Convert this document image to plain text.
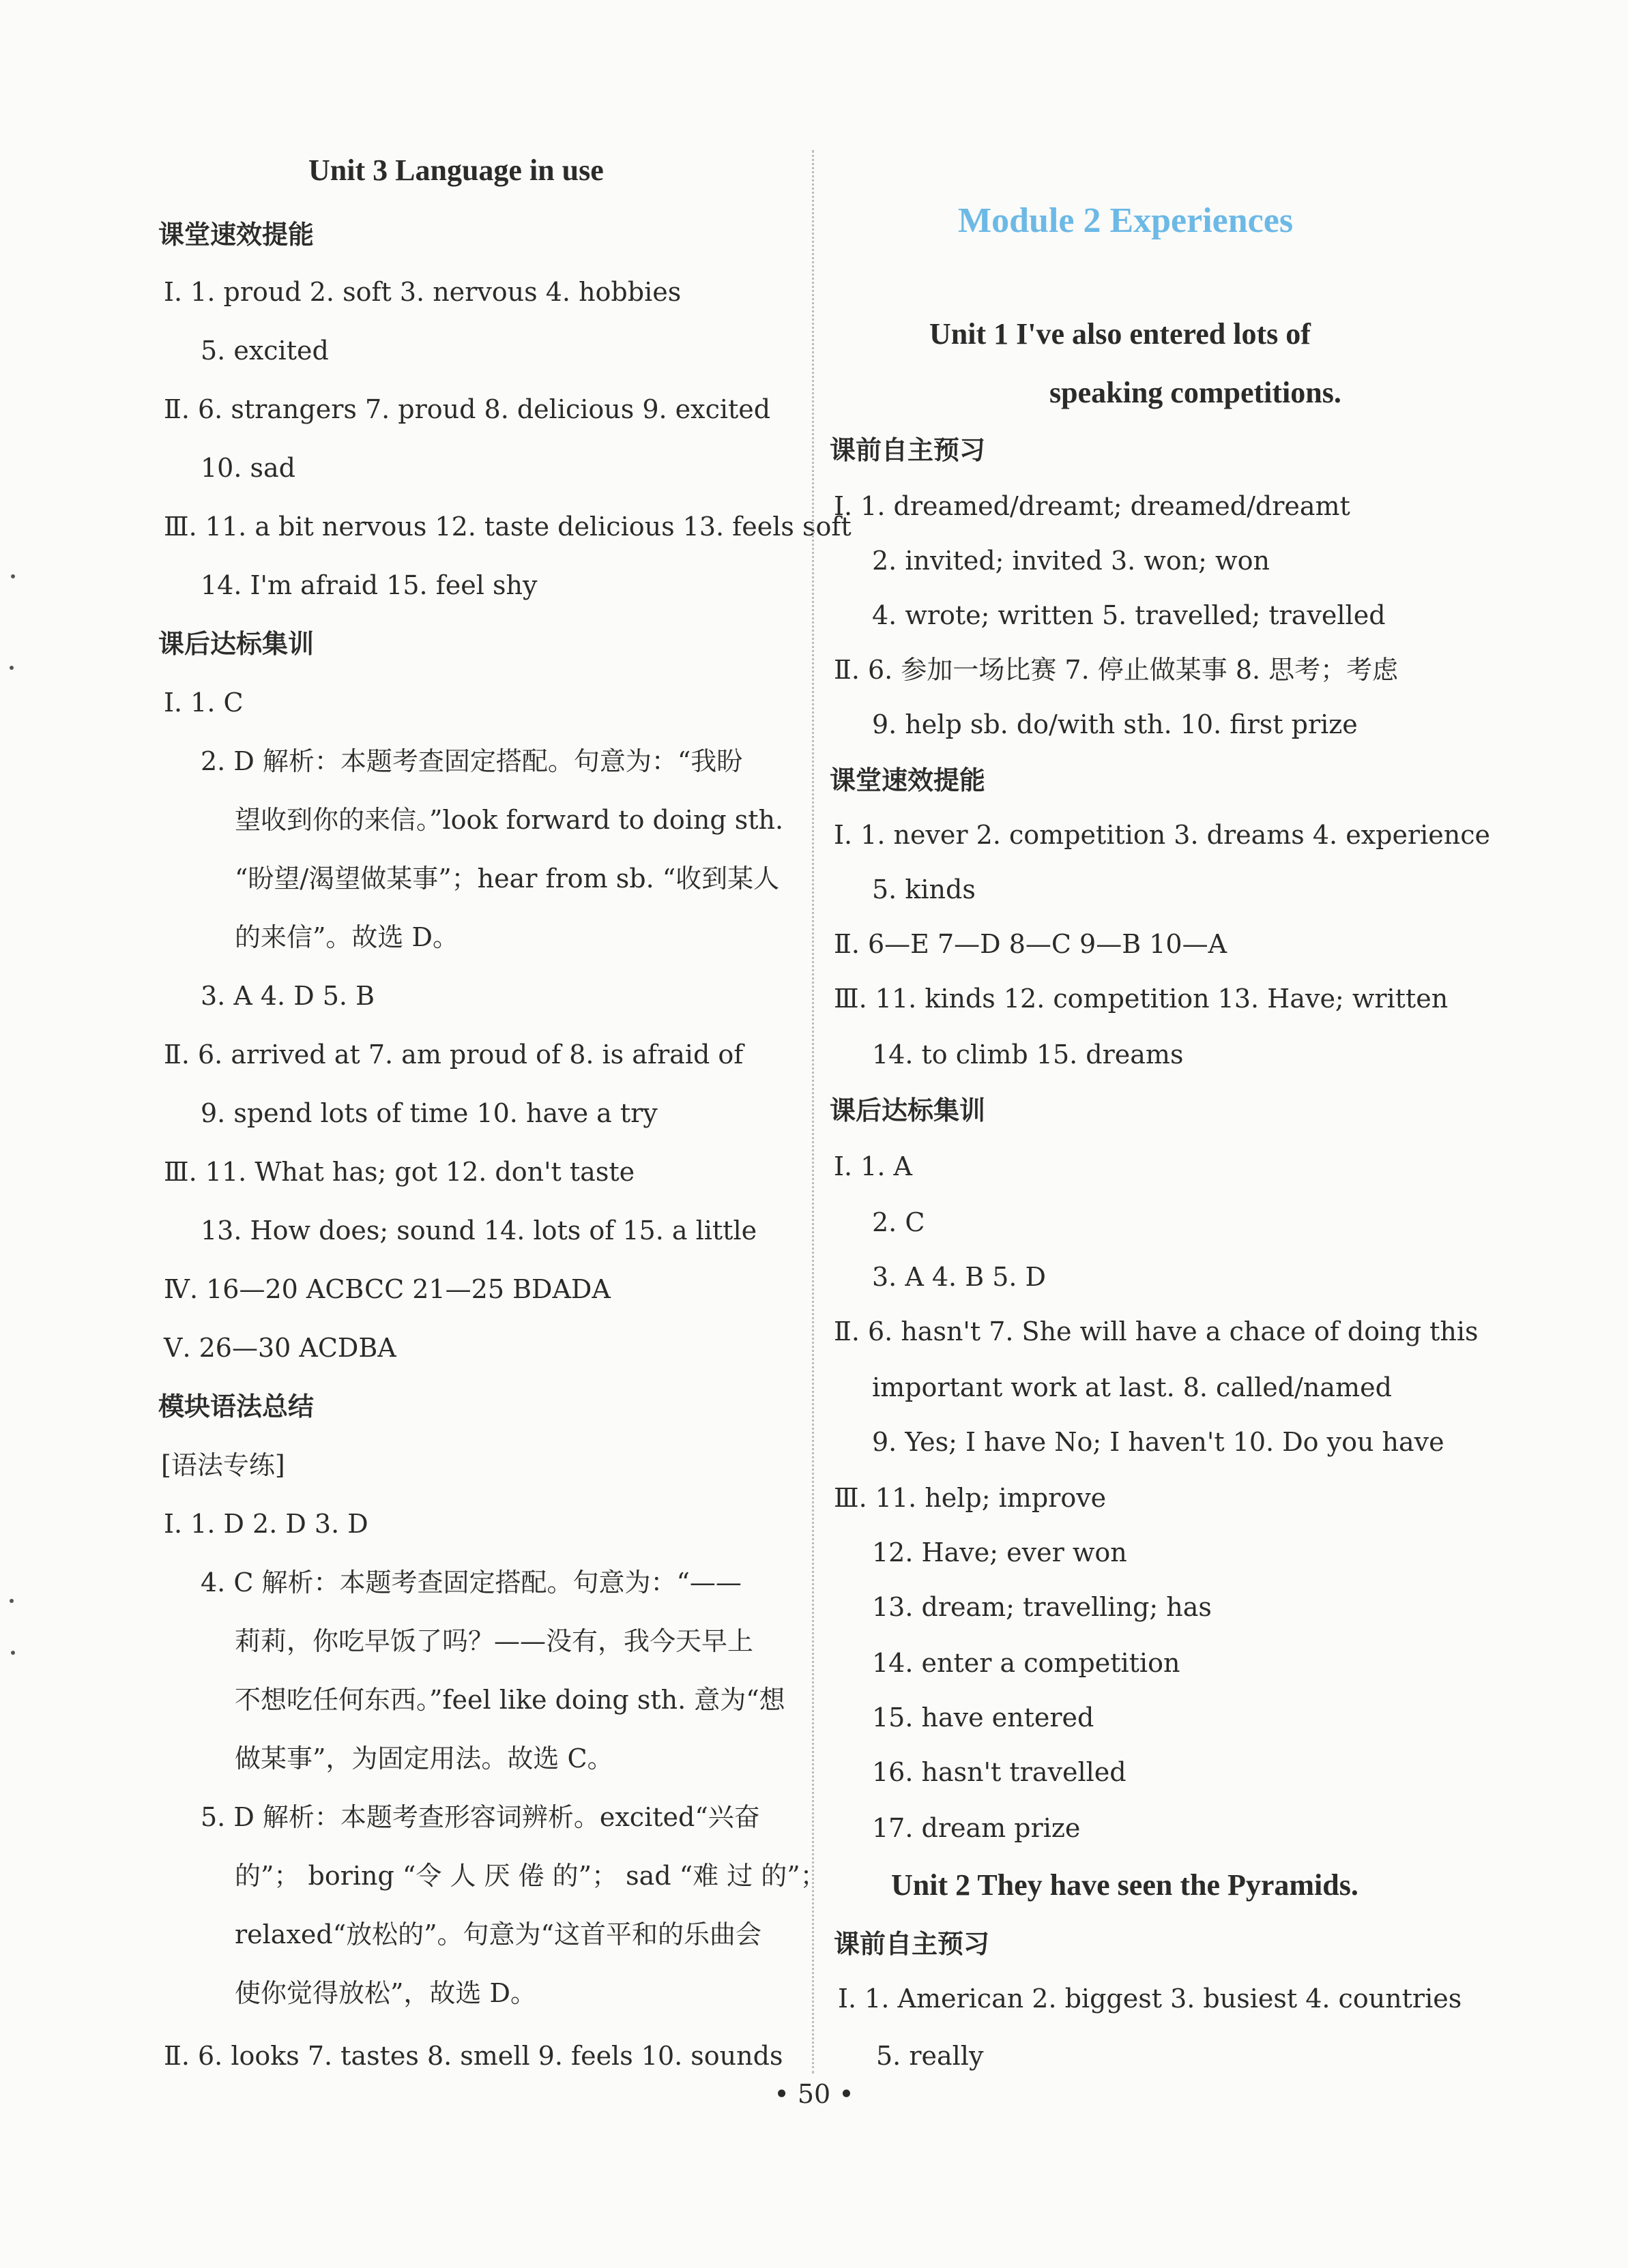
Unit 3 Language in use
课堂速效提能
Ⅰ. 1. proud 2. soft 3. nervous 4. hobbies
5. excited
Ⅱ. 6. strangers 7. proud 8. delicious 9. excited
10. sad
Ⅲ. 11. a bit nervous 12. taste delicious 13. feels soft
14. I'm afraid 15. feel shy
课后达标集训
Ⅰ. 1. C
2. D 解析：本题考查固定搭配。句意为：“我盼
望收到你的来信。”look forward to doing sth.
“盼望/渴望做某事”；hear from sb. “收到某人
的来信”。故选 D。
3. A 4. D 5. B
Ⅱ. 6. arrived at 7. am proud of 8. is afraid of
9. spend lots of time 10. have a try
Ⅲ. 11. What has; got 12. don't taste
13. How does; sound 14. lots of 15. a little
Ⅳ. 16—20 ACBCC 21—25 BDADA
Ⅴ. 26—30 ACDBA
模块语法总结
[语法专练]
Ⅰ. 1. D 2. D 3. D
4. C 解析：本题考查固定搭配。句意为：“——
莉莉，你吃早饭了吗？——没有，我今天早上
不想吃任何东西。”feel like doing sth. 意为“想
做某事”，为固定用法。故选 C。
5. D 解析：本题考查形容词辨析。excited“兴奋
的”； boring “令 人 厌 倦 的”； sad “难 过 的”；
relaxed“放松的”。句意为“这首平和的乐曲会
使你觉得放松”，故选 D。
Ⅱ. 6. looks 7. tastes 8. smell 9. feels 10. sounds
Module 2 Experiences
Unit 1 I've also entered lots of
speaking competitions.
课前自主预习
Ⅰ. 1. dreamed/dreamt; dreamed/dreamt
2. invited; invited 3. won; won
4. wrote; written 5. travelled; travelled
Ⅱ. 6. 参加一场比赛 7. 停止做某事 8. 思考；考虑
9. help sb. do/with sth. 10. first prize
课堂速效提能
Ⅰ. 1. never 2. competition 3. dreams 4. experience
5. kinds
Ⅱ. 6—E 7—D 8—C 9—B 10—A
Ⅲ. 11. kinds 12. competition 13. Have; written
14. to climb 15. dreams
课后达标集训
Ⅰ. 1. A
2. C
3. A 4. B 5. D
Ⅱ. 6. hasn't 7. She will have a chace of doing this
important work at last. 8. called/named
9. Yes; I have No; I haven't 10. Do you have
Ⅲ. 11. help; improve
12. Have; ever won
13. dream; travelling; has
14. enter a competition
15. have entered
16. hasn't travelled
17. dream prize
Unit 2 They have seen the Pyramids.
课前自主预习
Ⅰ. 1. American 2. biggest 3. busiest 4. countries
5. really
• 50 •
